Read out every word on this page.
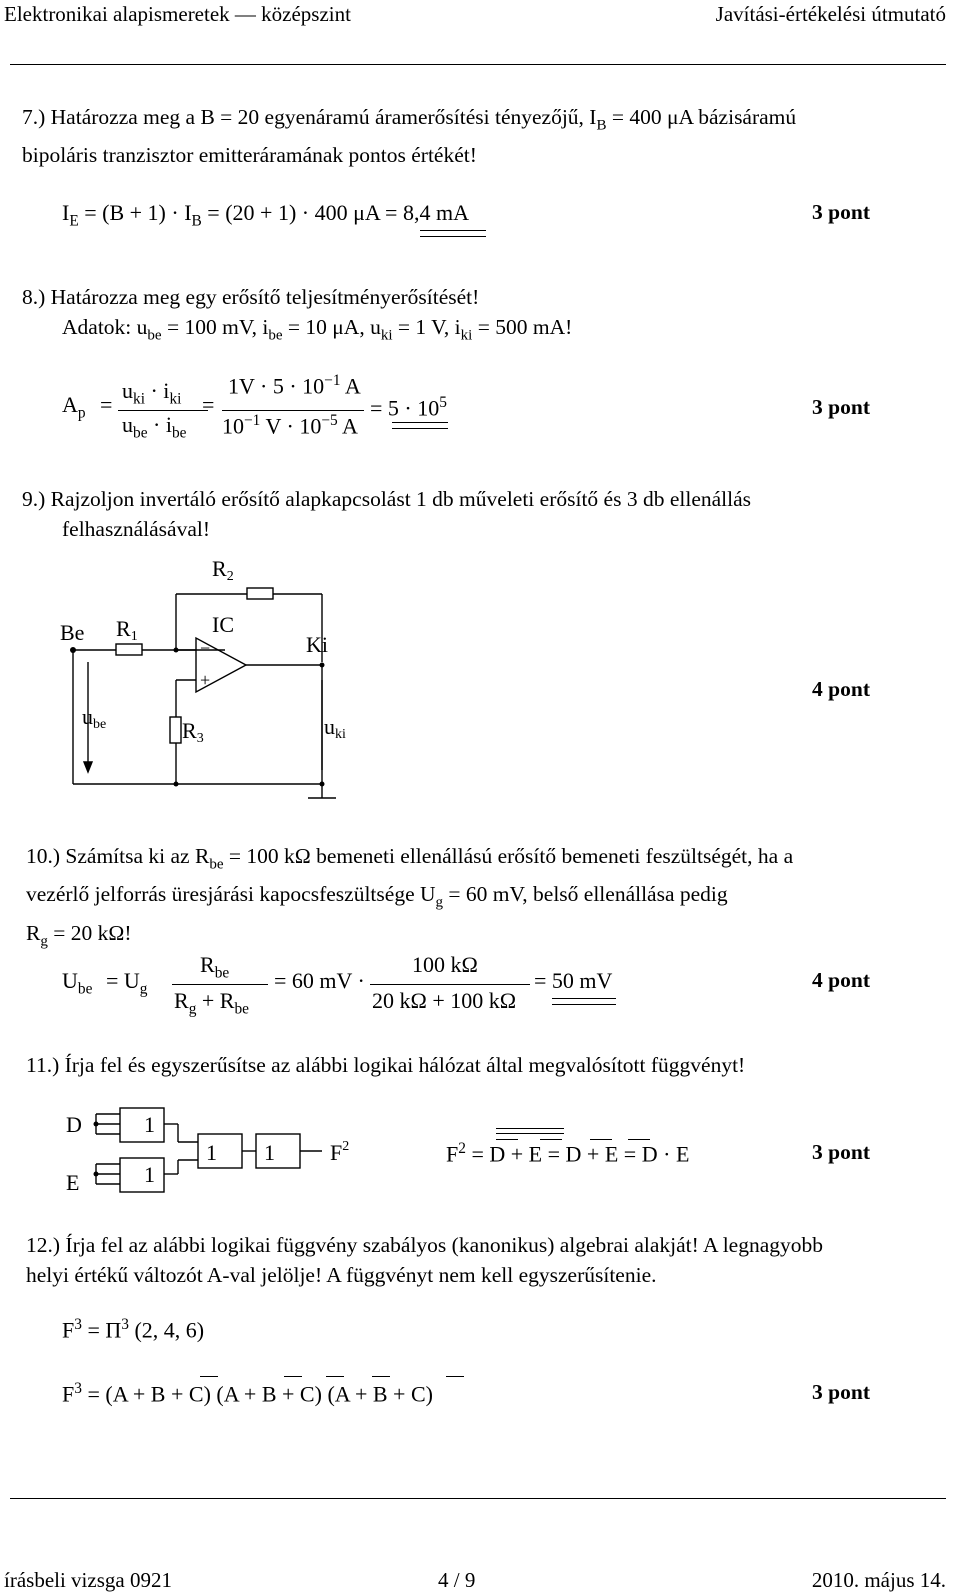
Elektronikai alapismeretek — középszint	Javítási-értékelési útmutató
7.) Határozza meg a B = 20 egyenáramú áramerősítési tényezőjű, $I_B = 400$ μA bázisáramú
bipoláris tranzisztor emitteráramának pontos értékét!
$I_E = (B + 1) \cdot I_B = (20 + 1) \cdot 400$ μA = 8,4 mA	3 pont
8.) Határozza meg egy erősítő teljesítményerősítését!
Adatok: $u_{be} = 100$ mV, $i_{be} = 10$ μA, $u_{ki} = 1$ V, $i_{ki} = 500$ mA!
$A_p$ =
$u_{ki} \cdot i_{ki}$
$u_{be} \cdot i_{be}$
=
$1V \cdot 5 \cdot 10^{-1}$ A
$10^{-1}$ $V \cdot 10^{-5}$ A
= $5 \cdot 10^5$	3 pont
9.) Rajzoljon invertáló erősítő alapkapcsolást 1 db műveleti erősítő és 3 db ellenállás
felhasználásával!
R2
Be R1	IC
Ki
−
+
ube	R3	uki
4 pont
10.) Számítsa ki az $R_{be} = 100$ kΩ bemeneti ellenállású erősítő bemeneti feszültségét, ha a
vezérlő jelforrás üresjárási kapocsfeszültsége $U_g = 60$ mV, belső ellenállása pedig
$R_g = 20$ kΩ!
$U_{be} = U_g$
$R_{be}$
$R_g + R_{be}$
= 60 mV ·
100 kΩ
20 kΩ + 100 kΩ
= 50 mV	4 pont
11.) Írja fel és egyszerűsítse az alábbi logikai hálózat által megvalósított függvényt!
D
E
1
1
1 1	$F^2$	$F^2 = D + E = D + E = D \cdot E$	3 pont
12.) Írja fel az alábbi logikai függvény szabályos (kanonikus) algebrai alakját! A legnagyobb
helyi értékű változót A-val jelölje! A függvényt nem kell egyszerűsítenie.
$F^3 = \Pi^3$ (2, 4, 6)
$F^3 = (A + B + C) (A + B + C) (A + B + C)$	3 pont
írásbeli vizsga 0921	4 / 9	2010. május 14.
